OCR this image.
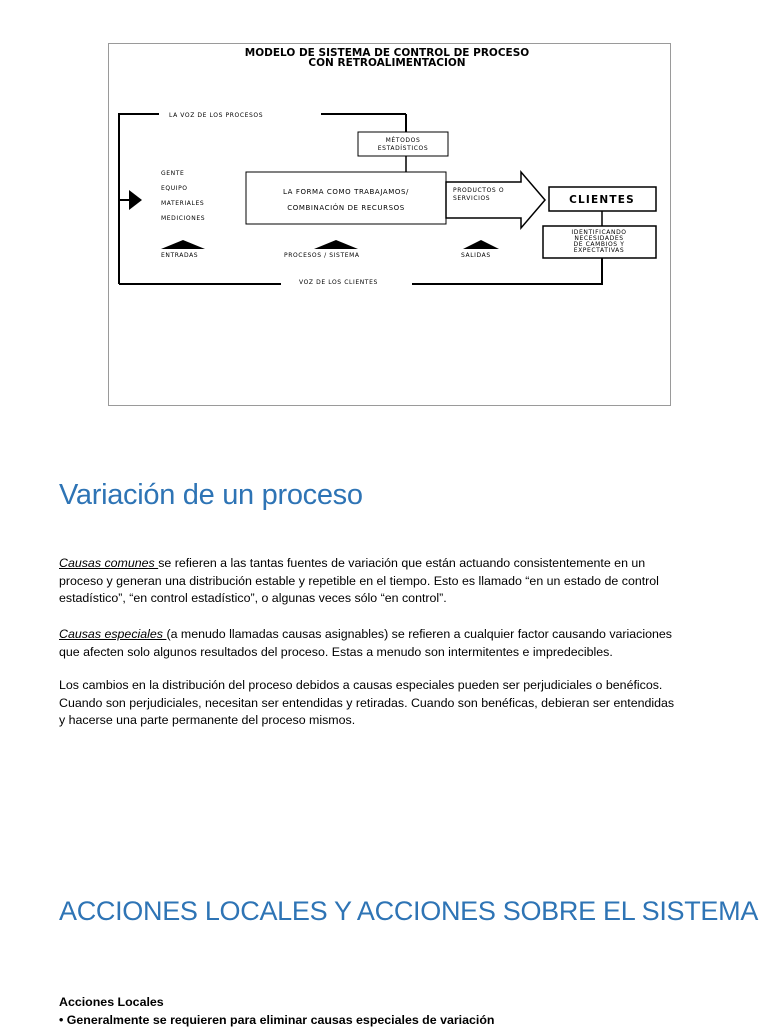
MODELO DE SISTEMA DE CONTROL DE PROCESO
CON RETROALIMENTACION
LA VOZ DE LOS PROCESOS
MÉTODOS
ESTADÍSTICOS
GENTE
EQUIPO
MATERIALES
MEDICIONES
LA FORMA COMO TRABAJAMOS/
COMBINACIÓN DE RECURSOS
PRODUCTOS O
SERVICIOS	CLIENTES
IDENTIFICANDO
NECESIDADES
DE CAMBIOS Y
EXPECTATIVAS
ENTRADAS	PROCESOS / SISTEMA	SALIDAS
VOZ DE LOS CLIENTES
Variación de un proceso

Causas comunes se refieren a las tantas fuentes de variación que están actuando consistentemente en un
proceso y generan una distribución estable y repetible en el tiempo. Esto es llamado “en un estado de control
estadístico”, “en control estadístico”, o algunas veces sólo “en control”.

Causas especiales (a menudo llamadas causas asignables) se refieren a cualquier factor causando variaciones
que afecten solo algunos resultados del proceso. Estas a menudo son intermitentes e impredecibles.

Los cambios en la distribución del proceso debidos a causas especiales pueden ser perjudiciales o benéficos.
Cuando son perjudiciales, necesitan ser entendidas y retiradas. Cuando son benéficas, debieran ser entendidas
y hacerse una parte permanente del proceso mismos.

ACCIONES LOCALES Y ACCIONES SOBRE EL SISTEMA

Acciones Locales

• Generalmente se requieren para eliminar causas especiales de variación
